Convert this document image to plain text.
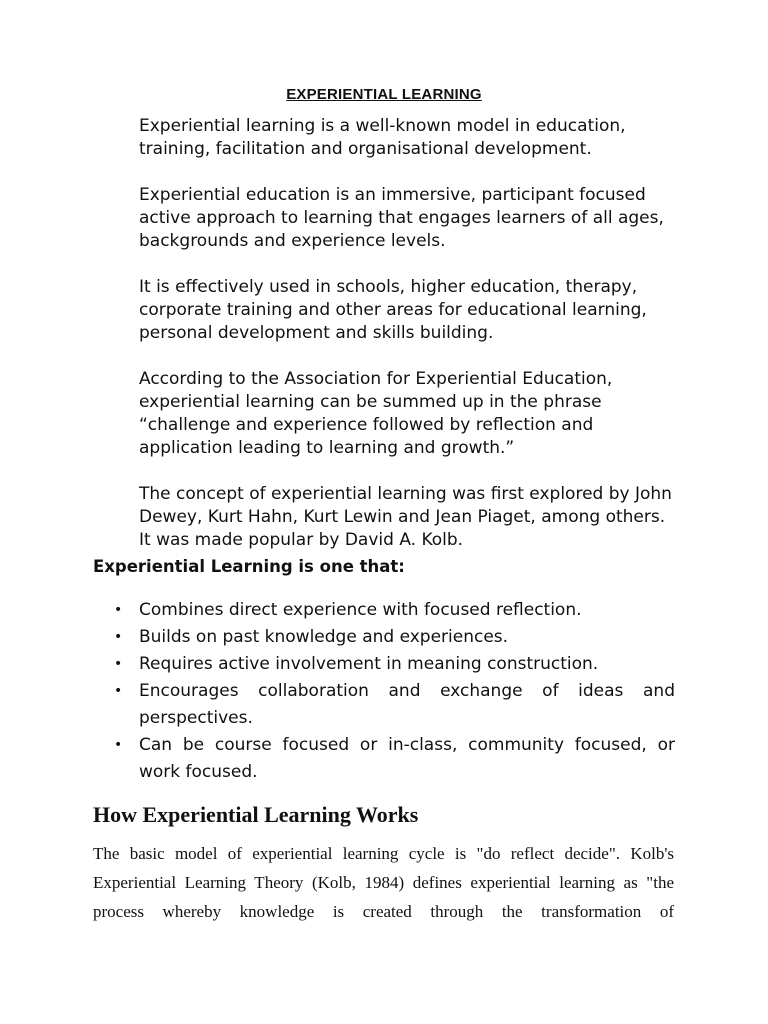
EXPERIENTIAL LEARNING

Experiential learning is a well-known model in education, training, facilitation and organisational development.

Experiential education is an immersive, participant focused active approach to learning that engages learners of all ages, backgrounds and experience levels.

It is effectively used in schools, higher education, therapy, corporate training and other areas for educational learning, personal development and skills building.

According to the Association for Experiential Education, experiential learning can be summed up in the phrase “challenge and experience followed by reflection and application leading to learning and growth.”

The concept of experiential learning was first explored by John Dewey, Kurt Hahn, Kurt Lewin and Jean Piaget, among others. It was made popular by David A. Kolb.

Experiential Learning is one that:
• Combines direct experience with focused reflection.
• Builds on past knowledge and experiences.
• Requires active involvement in meaning construction.
• Encourages collaboration and exchange of ideas and perspectives.
• Can be course focused or in-class, community focused, or work focused.
How Experiential Learning Works

The basic model of experiential learning cycle is "do reflect decide". Kolb's Experiential Learning Theory (Kolb, 1984) defines experiential learning as "the process whereby knowledge is created through the transformation of
